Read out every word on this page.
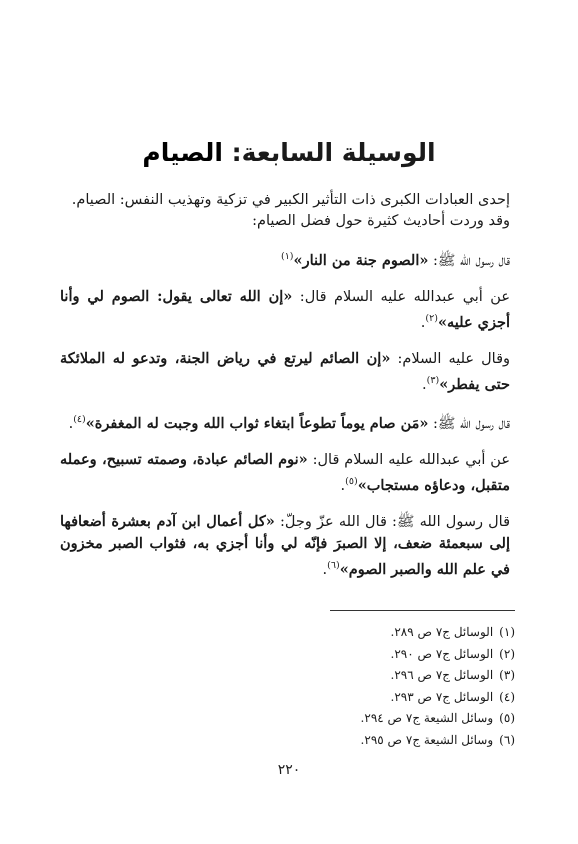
الوسيلة السابعة: الصيام

إحدى العبادات الكبرى ذات التأثير الكبير في تزكية وتهذيب النفس: الصيام.
وقد وردت أحاديث كثيرة حول فضل الصيام:

قال رسول الله ﷺ: «الصوم جنة من النار»$^{(١)}$

عن أبي عبدالله عليه السلام قال: «إن الله تعالى يقول: الصوم لي وأنا أجزي عليه»$^{(٢)}$.

وقال عليه السلام: «إن الصائم ليرتع في رياض الجنة، وتدعو له الملائكة حتى يفطر»$^{(٣)}$.

قال رسول الله ﷺ: «مَن صام يوماً تطوعاً ابتغاء ثواب الله وجبت له المغفرة»$^{(٤)}$.

عن أبي عبدالله عليه السلام قال: «نوم الصائم عبادة، وصمته تسبيح، وعمله متقبل، ودعاؤه مستجاب»$^{(٥)}$.

قال رسول الله ﷺ: قال الله عزّ وجلّ: «كل أعمال ابن آدم بعشرة أضعافها إلى سبعمئة ضعف، إلا الصبرَ فإنّه لي وأنا أجزي به، فثواب الصبر مخزون في علم الله والصبر الصوم»$^{(٦)}$.

(١)الوسائل ج٧ ص ٢٨٩.

(٢)الوسائل ج٧ ص ٢٩٠.

(٣)الوسائل ج٧ ص ٢٩٦.

(٤)الوسائل ج٧ ص ٢٩٣.

(٥)وسائل الشيعة ج٧ ص ٢٩٤.

(٦)وسائل الشيعة ج٧ ص ٢٩٥.

٢٢٠
